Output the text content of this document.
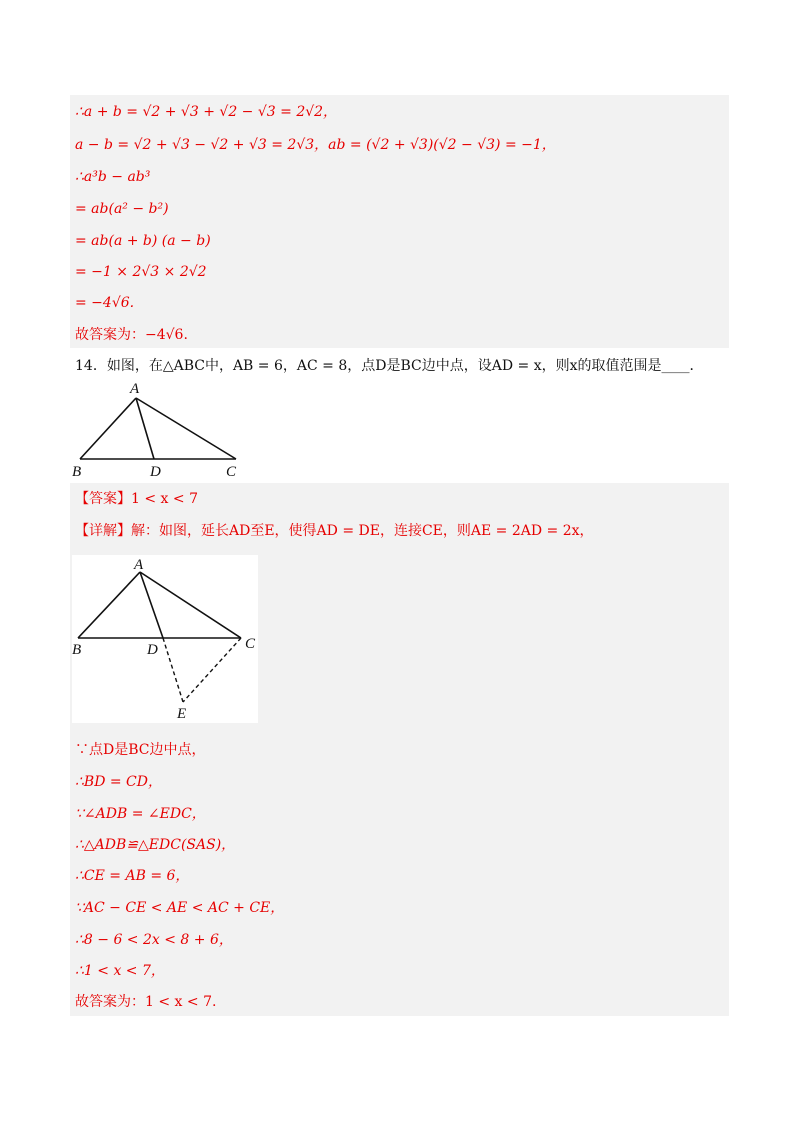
∴a + b = √2 + √3 + √2 − √3 = 2√2，
a − b = √2 + √3 − √2 + √3 = 2√3，ab = (√2 + √3)(√2 − √3) = −1，
∴a³b − ab³
= ab(a² − b²)
= ab(a + b) (a − b)
= −1 × 2√3 × 2√2
= −4√6.
故答案为：−4√6.
14．如图，在△ABC中，AB = 6，AC = 8，点D是BC边中点，设AD = x，则x的取值范围是____．
A
B	D	C
【答案】1 < x < 7
【详解】解：如图，延长AD至E，使得AD = DE，连接CE，则AE = 2AD = 2x，
A
B	D	C
E
∵点D是BC边中点，
∴BD = CD，
∵∠ADB = ∠EDC，
∴△ADB≌△EDC(SAS)，
∴CE = AB = 6，
∵AC − CE < AE < AC + CE，
∴8 − 6 < 2x < 8 + 6，
∴1 < x < 7，
故答案为：1 < x < 7.
